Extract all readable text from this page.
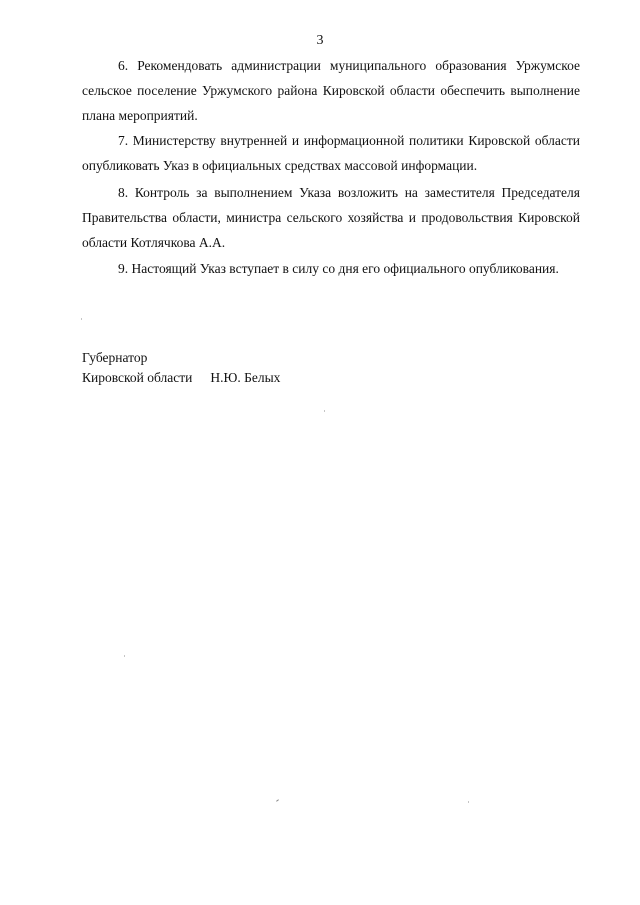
3

6. Рекомендовать администрации муниципального образования Уржумское сельское поселение Уржумского района Кировской области обеспечить выполнение плана мероприятий.

7. Министерству внутренней и информационной политики Кировской области опубликовать Указ в официальных средствах массовой информации.

8. Контроль за выполнением Указа возложить на заместителя Председателя Правительства области, министра сельского хозяйства и продовольствия Кировской области Котлячкова А.А.

9. Настоящий Указ вступает в силу со дня его официального опубликования.

Губернатор
Кировской области Н.Ю. Белых
